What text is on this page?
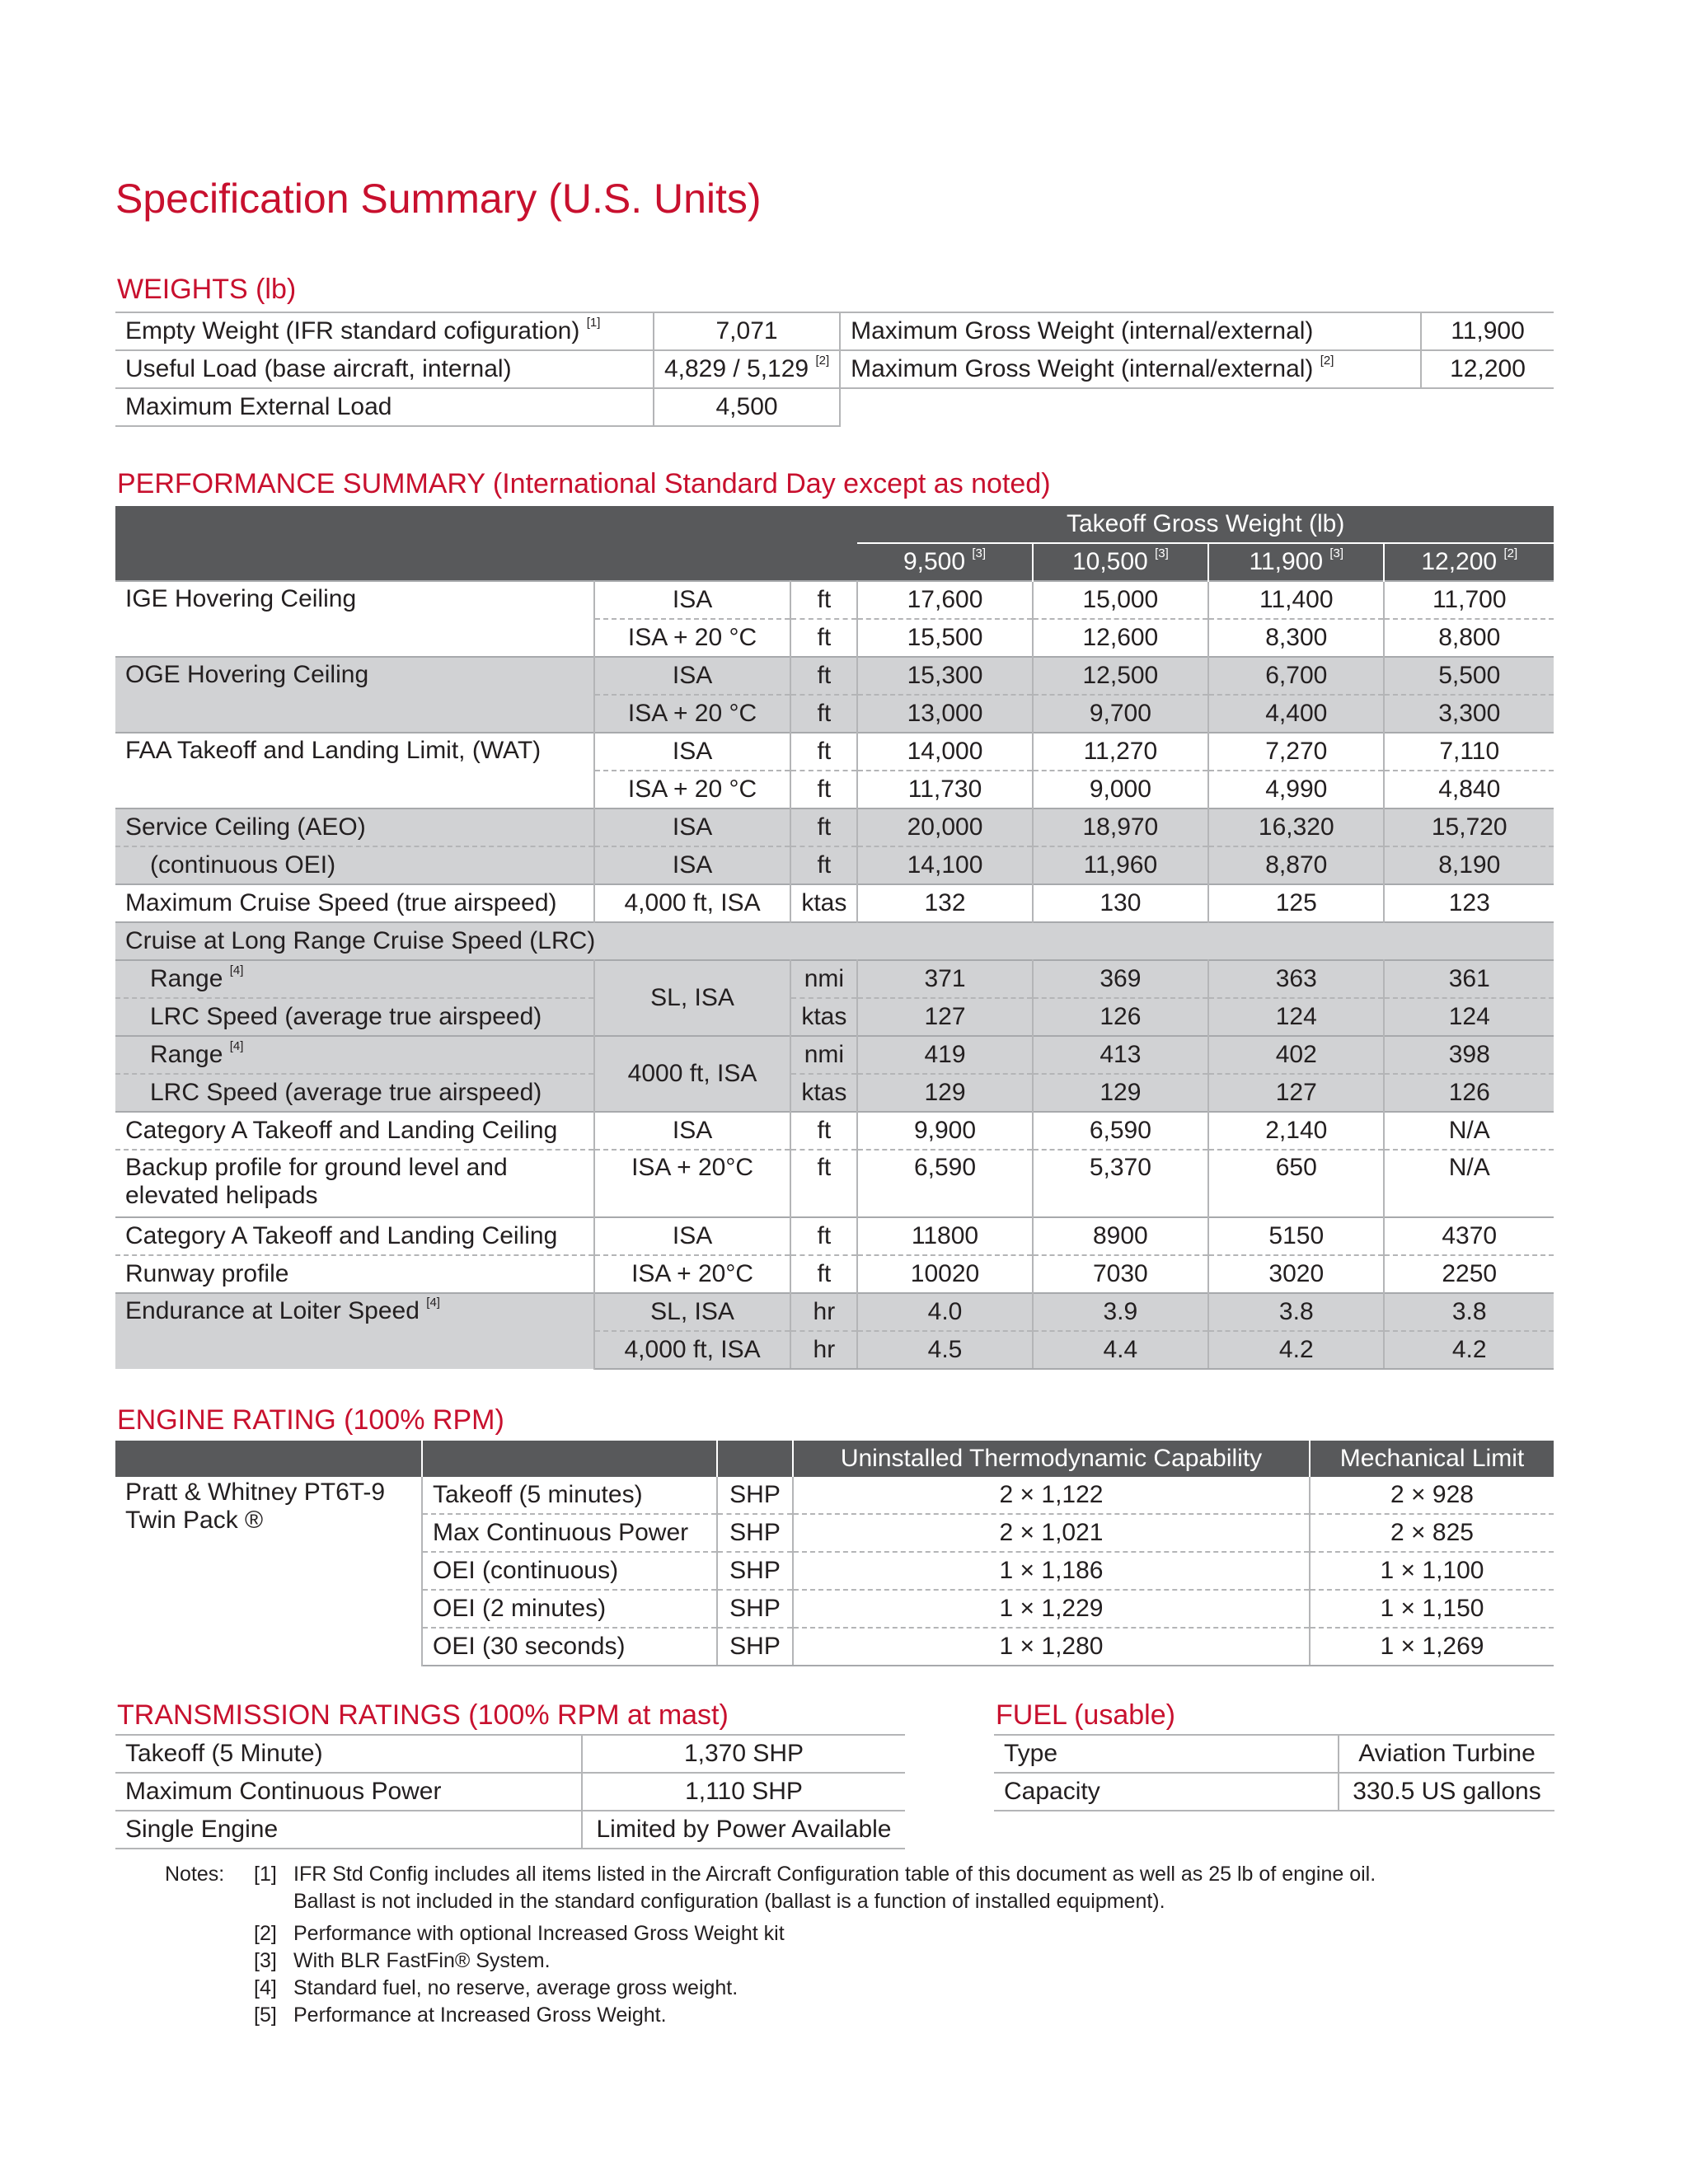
Specification Summary (U.S. Units)
WEIGHTS (lb)
Empty Weight (IFR standard cofiguration) [1]	7,071	Maximum Gross Weight (internal/external)	11,900
Useful Load (base aircraft, internal)	4,829 / 5,129 [2]	Maximum Gross Weight (internal/external) [2]	12,200
Maximum External Load	4,500		
PERFORMANCE SUMMARY (International Standard Day except as noted)
			Takeoff Gross Weight (lb)			
			9,500 [3]	10,500 [3]	11,900 [3]	12,200 [2]
IGE Hovering Ceiling	ISA	ft	17,600	15,000	11,400	11,700
	ISA + 20 °C	ft	15,500	12,600	8,300	8,800
OGE Hovering Ceiling	ISA	ft	15,300	12,500	6,700	5,500
	ISA + 20 °C	ft	13,000	9,700	4,400	3,300
FAA Takeoff and Landing Limit, (WAT)	ISA	ft	14,000	11,270	7,270	7,110
	ISA + 20 °C	ft	11,730	9,000	4,990	4,840
Service Ceiling (AEO)	ISA	ft	20,000	18,970	16,320	15,720
(continuous OEI)	ISA	ft	14,100	11,960	8,870	8,190
Maximum Cruise Speed (true airspeed)	4,000 ft, ISA	ktas	132	130	125	123
Cruise at Long Range Cruise Speed (LRC)						
Range [4]	SL, ISA	nmi	371	369	363	361
LRC Speed (average true airspeed)		ktas	127	126	124	124
Range [4]	4000 ft, ISA	nmi	419	413	402	398
LRC Speed (average true airspeed)		ktas	129	129	127	126
Category A Takeoff and Landing Ceiling	ISA	ft	9,900	6,590	2,140	N/A
Backup profile for ground level and elevated helipads	ISA + 20°C	ft	6,590	5,370	650	N/A
Category A Takeoff and Landing Ceiling	ISA	ft	11800	8900	5150	4370
Runway profile	ISA + 20°C	ft	10020	7030	3020	2250
Endurance at Loiter Speed [4]	SL, ISA	hr	4.0	3.9	3.8	3.8
	4,000 ft, ISA	hr	4.5	4.4	4.2	4.2
ENGINE RATING (100% RPM)
			Uninstalled Thermodynamic Capability	Mechanical Limit

Pratt & Whitney PT6T-9
Twin Pack ®	Takeoff (5 minutes)	SHP	2 × 1,122	2 × 928
	Max Continuous Power	SHP	2 × 1,021	2 × 825
	OEI (continuous)	SHP	1 × 1,186	1 × 1,100
	OEI (2 minutes)	SHP	1 × 1,229	1 × 1,150
	OEI (30 seconds)	SHP	1 × 1,280	1 × 1,269
TRANSMISSION RATINGS (100% RPM at mast)
Takeoff (5 Minute)	1,370 SHP
Maximum Continuous Power	1,110 SHP
Single Engine	Limited by Power Available
FUEL (usable)
Type	Aviation Turbine
Capacity	330.5 US gallons
Notes:	[1] IFR Std Config includes all items listed in the Aircraft Configuration table of this document as well as 25 lb of engine oil.
Ballast is not included in the standard configuration (ballast is a function of installed equipment).
[2] Performance with optional Increased Gross Weight kit
[3] With BLR FastFin® System.
[4] Standard fuel, no reserve, average gross weight.
[5] Performance at Increased Gross Weight.
